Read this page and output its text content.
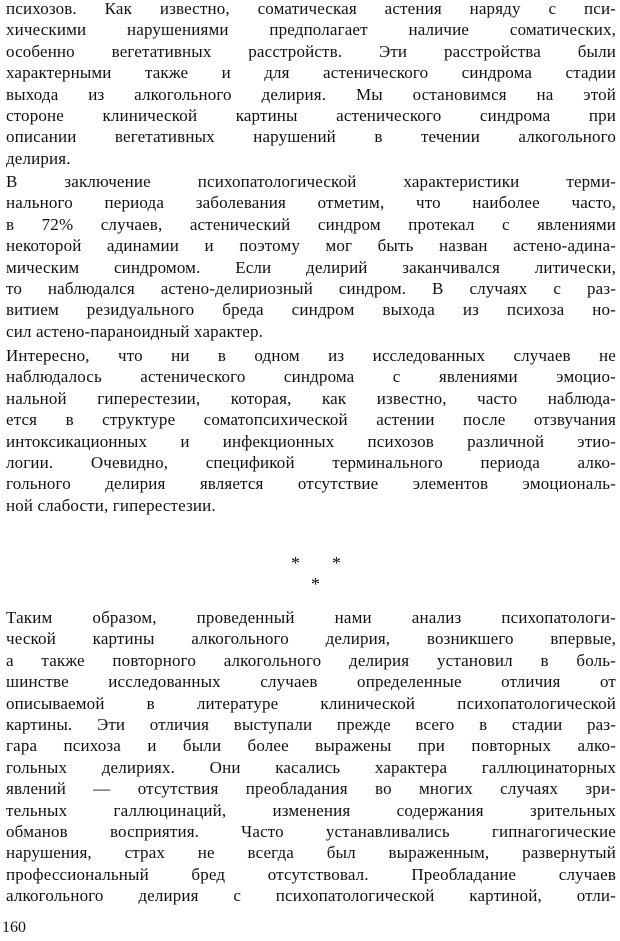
психозов. Как известно, соматическая астения наряду с пси-
хическими нарушениями предполагает наличие соматических,
особенно вегетативных расстройств. Эти расстройства были
характерными также и для астенического синдрома стадии
выхода из алкогольного делирия. Мы остановимся на этой
стороне клинической картины астенического синдрома при
описании вегетативных нарушений в течении алкогольного
делирия.
В заключение психопатологической характеристики терми-
нального периода заболевания отметим, что наиболее часто,
в 72% случаев, астенический синдром протекал с явлениями
некоторой адинамии и поэтому мог быть назван астено-адина-
мическим синдромом. Если делирий заканчивался литически,
то наблюдался астено-делириозный синдром. В случаях с раз-
витием резидуального бреда синдром выхода из психоза но-
сил астено-параноидный характер.
Интересно, что ни в одном из исследованных случаев не
наблюдалось астенического синдрома с явлениями эмоцио-
нальной гиперестезии, которая, как известно, часто наблюда-
ется в структуре соматопсихической астении после отзвучания
интоксикационных и инфекционных психозов различной этио-
логии. Очевидно, спецификой терминального периода алко-
гольного делирия является отсутствие элементов эмоциональ-
ной слабости, гиперестезии.
* *
*
Таким образом, проведенный нами анализ психопатологи-
ческой картины алкогольного делирия, возникшего впервые,
а также повторного алкогольного делирия установил в боль-
шинстве исследованных случаев определенные отличия от
описываемой в литературе клинической психопатологической
картины. Эти отличия выступали прежде всего в стадии раз-
гара психоза и были более выражены при повторных алко-
гольных делириях. Они касались характера галлюцинаторных
явлений — отсутствия преобладания во многих случаях зри-
тельных галлюцинаций, изменения содержания зрительных
обманов восприятия. Часто устанавливались гипнагогические
нарушения, страх не всегда был выраженным, развернутый
профессиональный бред отсутствовал. Преобладание случаев
алкогольного делирия с психопатологической картиной, отли-
160
